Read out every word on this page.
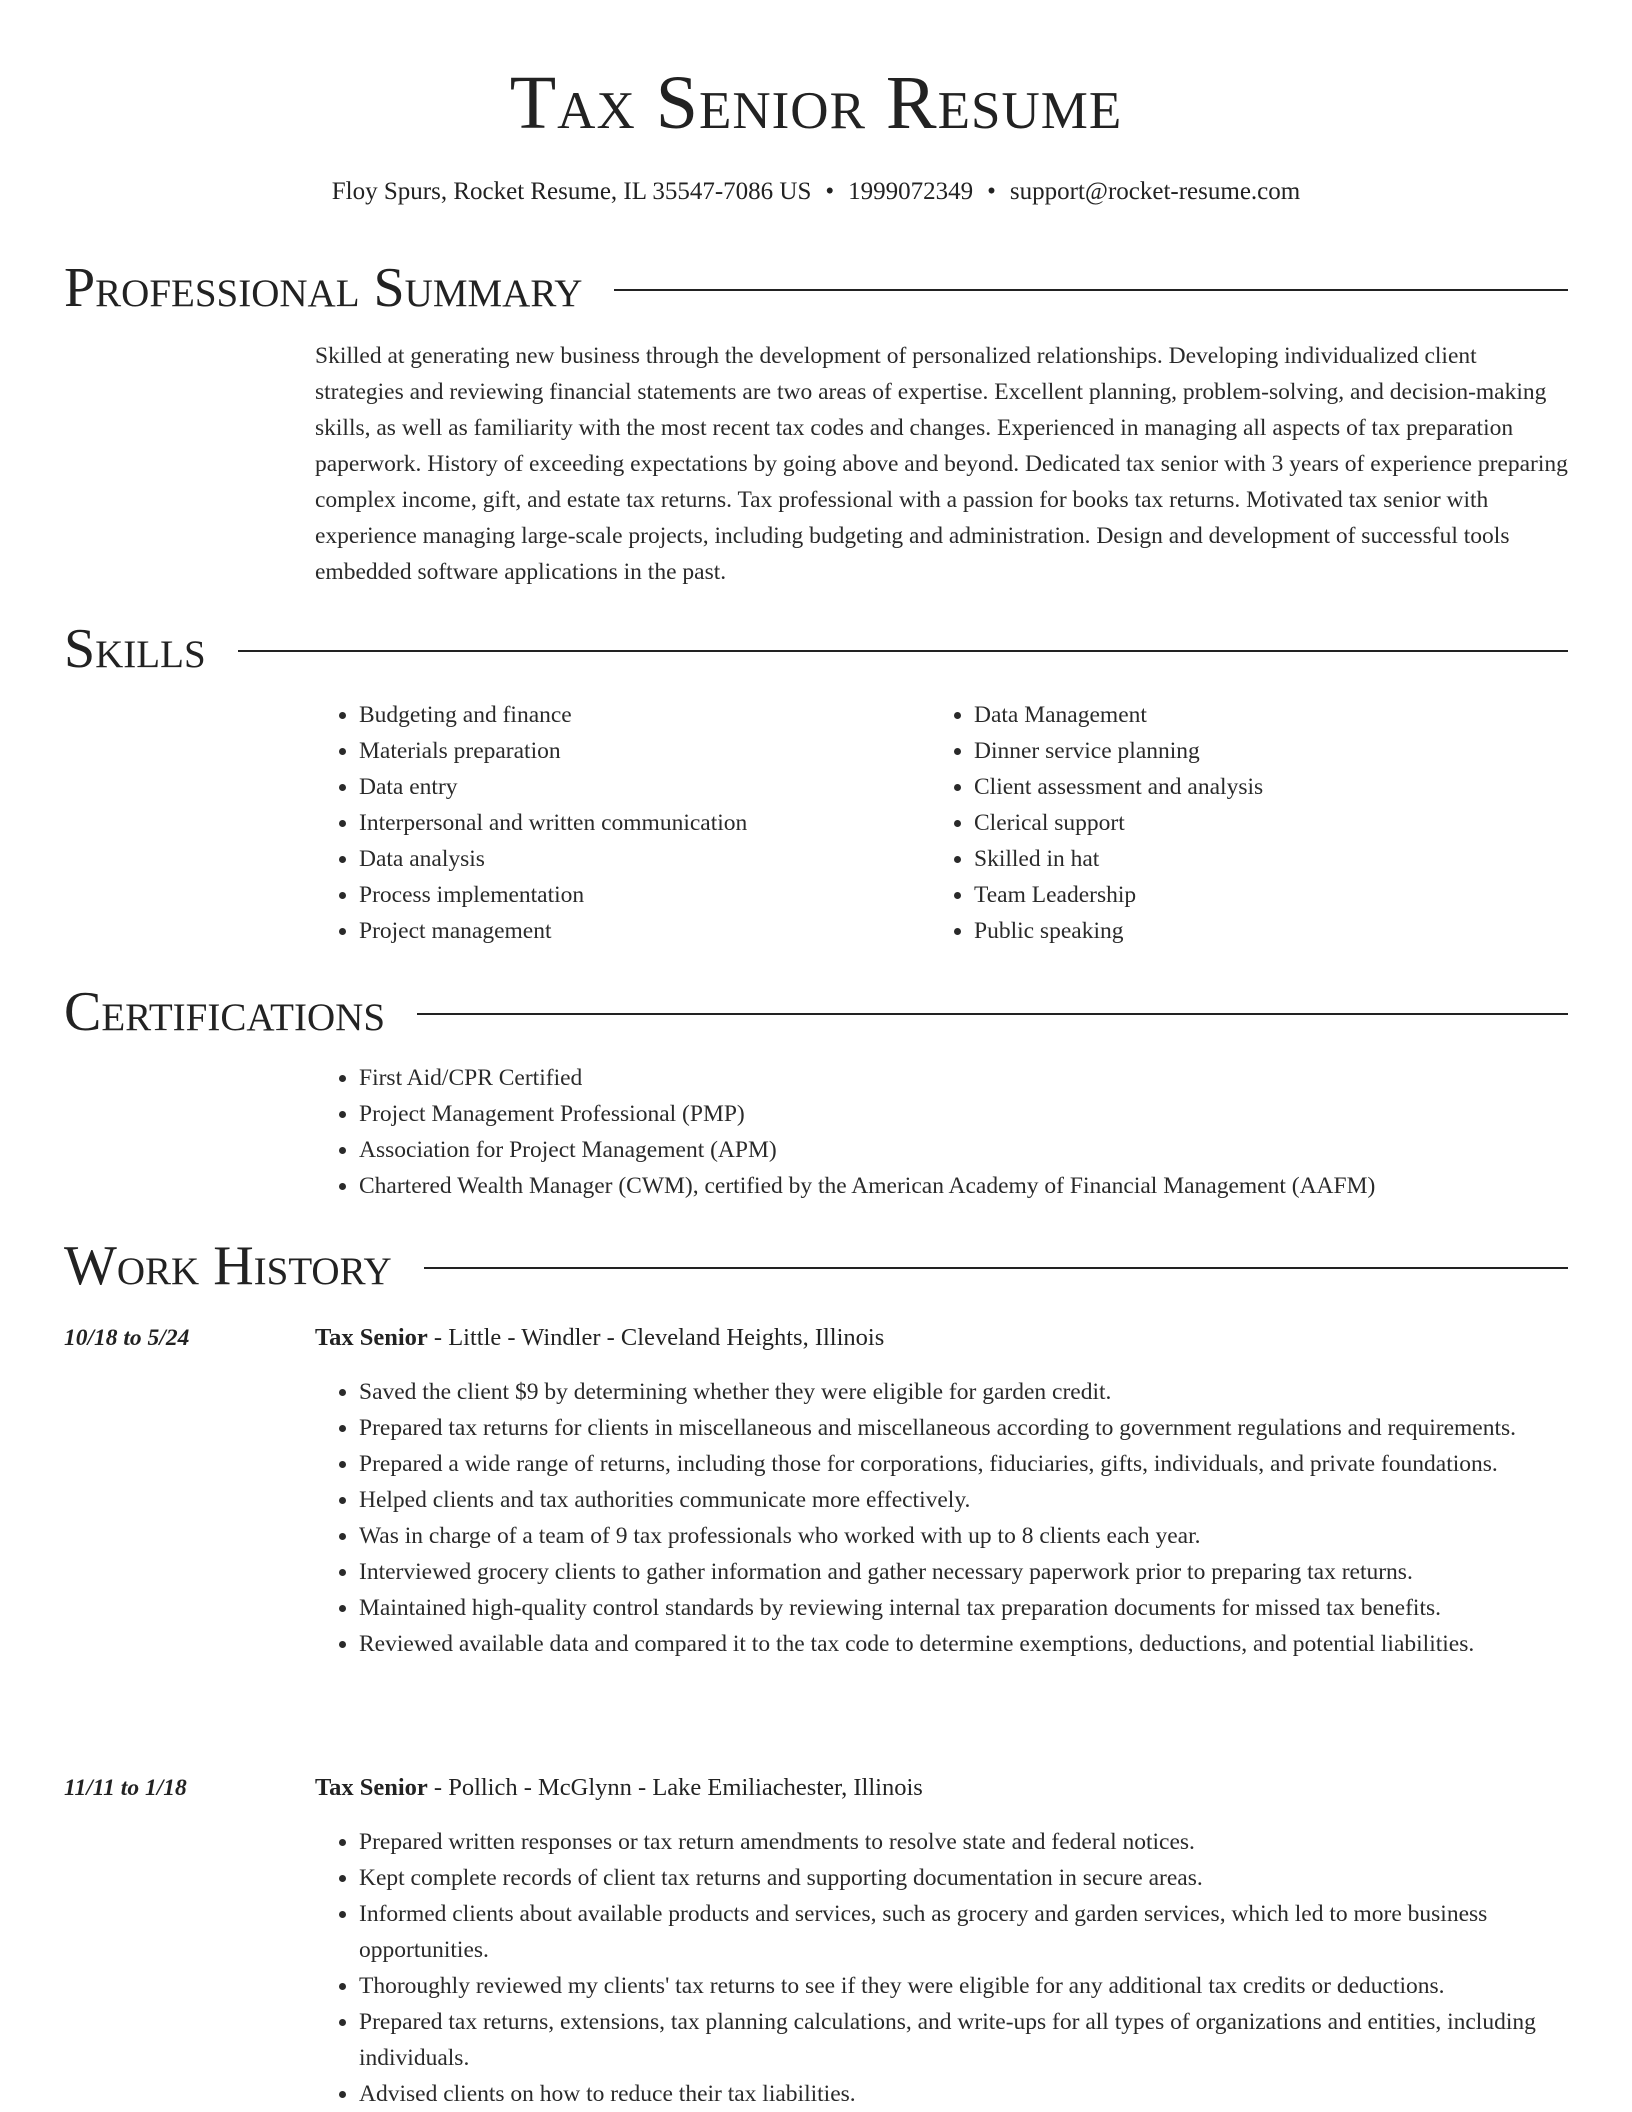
Tax Senior Resume
Floy Spurs, Rocket Resume, IL 35547-7086 US • 1999072349 • support@rocket-resume.com
Professional Summary
Skilled at generating new business through the development of personalized relationships. Developing individualized client strategies and reviewing financial statements are two areas of expertise. Excellent planning, problem-solving, and decision-making skills, as well as familiarity with the most recent tax codes and changes. Experienced in managing all aspects of tax preparation paperwork. History of exceeding expectations by going above and beyond. Dedicated tax senior with 3 years of experience preparing complex income, gift, and estate tax returns. Tax professional with a passion for books tax returns. Motivated tax senior with experience managing large-scale projects, including budgeting and administration. Design and development of successful tools embedded software applications in the past.
Skills
• Budgeting and finance
• Materials preparation
• Data entry
• Interpersonal and written communication
• Data analysis
• Process implementation
• Project management
• Data Management
• Dinner service planning
• Client assessment and analysis
• Clerical support
• Skilled in hat
• Team Leadership
• Public speaking
Certifications
• First Aid/CPR Certified
• Project Management Professional (PMP)
• Association for Project Management (APM)
• Chartered Wealth Manager (CWM), certified by the American Academy of Financial Management (AAFM)
Work History
10/18 to 5/24	Tax Senior - Little - Windler - Cleveland Heights, Illinois
• Saved the client $9 by determining whether they were eligible for garden credit.
• Prepared tax returns for clients in miscellaneous and miscellaneous according to government regulations and requirements.
• Prepared a wide range of returns, including those for corporations, fiduciaries, gifts, individuals, and private foundations.
• Helped clients and tax authorities communicate more effectively.
• Was in charge of a team of 9 tax professionals who worked with up to 8 clients each year.
• Interviewed grocery clients to gather information and gather necessary paperwork prior to preparing tax returns.
• Maintained high-quality control standards by reviewing internal tax preparation documents for missed tax benefits.
• Reviewed available data and compared it to the tax code to determine exemptions, deductions, and potential liabilities.
11/11 to 1/18	Tax Senior - Pollich - McGlynn - Lake Emiliachester, Illinois
• Prepared written responses or tax return amendments to resolve state and federal notices.
• Kept complete records of client tax returns and supporting documentation in secure areas.
• Informed clients about available products and services, such as grocery and garden services, which led to more business opportunities.
• Thoroughly reviewed my clients' tax returns to see if they were eligible for any additional tax credits or deductions.
• Prepared tax returns, extensions, tax planning calculations, and write-ups for all types of organizations and entities, including individuals.
• Advised clients on how to reduce their tax liabilities.
